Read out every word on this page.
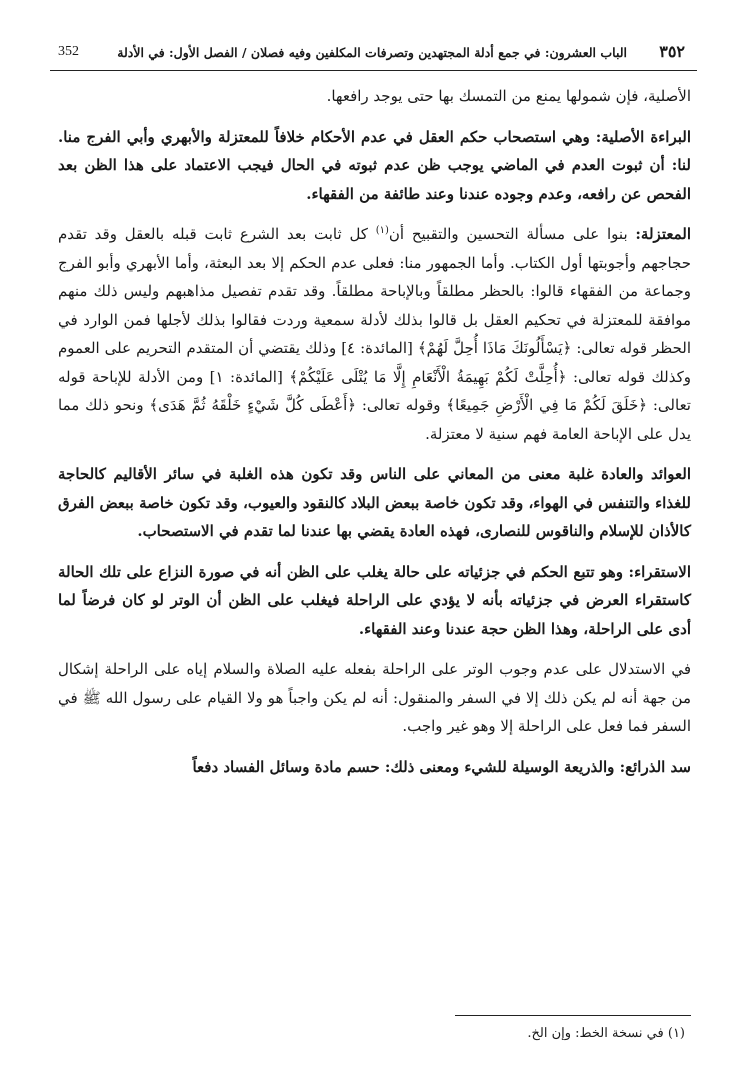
٣٥٢
الباب العشرون: في جمع أدلة المجتهدين وتصرفات المكلفين وفيه فصلان / الفصل الأول: في الأدلة
352

الأصلية، فإن شمولها يمنع من التمسك بها حتى يوجد رافعها.

البراءة الأصلية: وهي استصحاب حكم العقل في عدم الأحكام خلافاً للمعتزلة والأبهري وأبي الفرج منا. لنا: أن ثبوت العدم في الماضي يوجب ظن عدم ثبوته في الحال فيجب الاعتماد على هذا الظن بعد الفحص عن رافعه، وعدم وجوده عندنا وعند طائفة من الفقهاء.

المعتزلة: بنوا على مسألة التحسين والتقبيح أن$^{(١)}$ كل ثابت بعد الشرع ثابت قبله بالعقل وقد تقدم حجاجهم وأجوبتها أول الكتاب. وأما الجمهور منا: فعلى عدم الحكم إلا بعد البعثة، وأما الأبهري وأبو الفرج وجماعة من الفقهاء قالوا: بالحظر مطلقاً وبالإباحة مطلقاً. وقد تقدم تفصيل مذاهبهم وليس ذلك منهم موافقة للمعتزلة في تحكيم العقل بل قالوا بذلك لأدلة سمعية وردت فقالوا بذلك لأجلها فمن الوارد في الحظر قوله تعالى: ﴿يَسْأَلُونَكَ مَاذَا أُحِلَّ لَهُمْ﴾ [المائدة: ٤] وذلك يقتضي أن المتقدم التحريم على العموم وكذلك قوله تعالى: ﴿أُحِلَّتْ لَكُمْ بَهِيمَةُ الْأَنْعَامِ إِلَّا مَا يُتْلَى عَلَيْكُمْ﴾ [المائدة: ١] ومن الأدلة للإباحة قوله تعالى: ﴿خَلَقَ لَكُمْ مَا فِي الْأَرْضِ جَمِيعًا﴾ وقوله تعالى: ﴿أَعْطَى كُلَّ شَيْءٍ خَلْقَهُ ثُمَّ هَدَى﴾ ونحو ذلك مما يدل على الإباحة العامة فهم سنية لا معتزلة.

العوائد والعادة غلبة معنى من المعاني على الناس وقد تكون هذه الغلبة في سائر الأقاليم كالحاجة للغذاء والتنفس في الهواء، وقد تكون خاصة ببعض البلاد كالنقود والعيوب، وقد تكون خاصة ببعض الفرق كالأذان للإسلام والناقوس للنصارى، فهذه العادة يقضي بها عندنا لما تقدم في الاستصحاب.

الاستقراء: وهو تتبع الحكم في جزئياته على حالة يغلب على الظن أنه في صورة النزاع على تلك الحالة كاستقراء العرض في جزئياته بأنه لا يؤدي على الراحلة فيغلب على الظن أن الوتر لو كان فرضاً لما أدى على الراحلة، وهذا الظن حجة عندنا وعند الفقهاء.

في الاستدلال على عدم وجوب الوتر على الراحلة بفعله عليه الصلاة والسلام إياه على الراحلة إشكال من جهة أنه لم يكن ذلك إلا في السفر والمنقول: أنه لم يكن واجباً هو ولا القيام على رسول الله ﷺ في السفر فما فعل على الراحلة إلا وهو غير واجب.

سد الذرائع: والذريعة الوسيلة للشيء ومعنى ذلك: حسم مادة وسائل الفساد دفعاً

(١) في نسخة الخط: وإن الخ.
